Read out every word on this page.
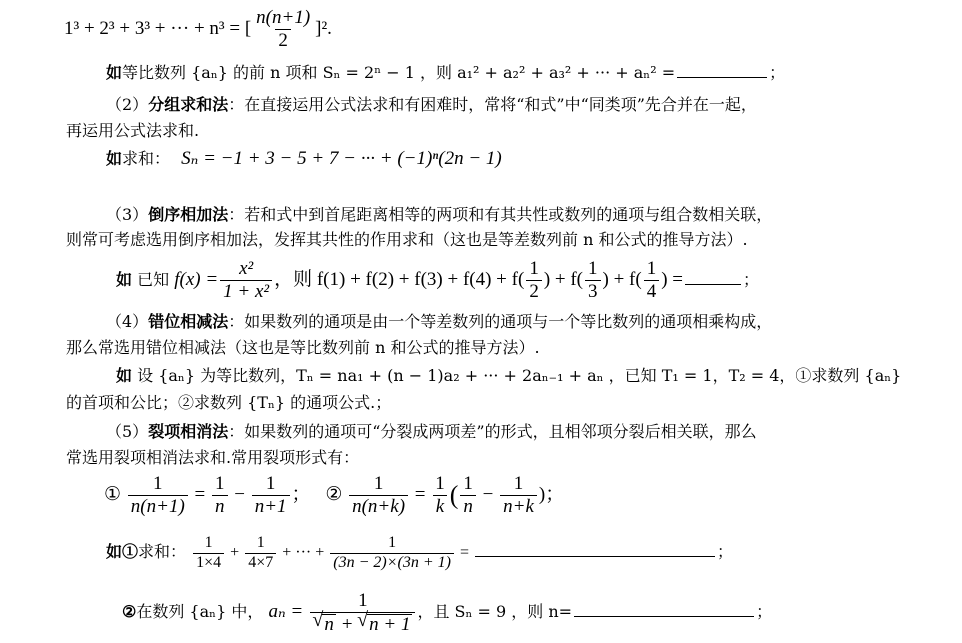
1³ + 2³ + 3³ + ··· + n³ = [ $\frac{n(n+1)}{2} ]^2$.
如等比数列 {aₙ} 的前 n 项和 Sₙ = 2ⁿ − 1 ，则 a₁² + a₂² + a₃² + ··· + aₙ² =	；
（2）分组求和法：在直接运用公式法求和有困难时，常将“和式”中“同类项”先合并在一起，
再运用公式法求和.
如求和： Sₙ = −1 + 3 − 5 + 7 − ··· + (−1)ⁿ(2n − 1)
（3）倒序相加法：若和式中到首尾距离相等的两项和有其共性或数列的通项与组合数相关联，
则常可考虑选用倒序相加法，发挥其共性的作用求和（这也是等差数列前 n 和公式的推导方法）.
如 已知 $f(x) = \frac{\text{x²}}{\text{1 + x²}}$ ，则 $f(1) + f(2) + f(3) + f(4) + f( \frac{1}{2}$ ) + $f( \frac{1}{3}$ ) + $f( \frac{1}{4}$ ) =	；
（4）错位相减法：如果数列的通项是由一个等差数列的通项与一个等比数列的通项相乘构成，
那么常选用错位相减法（这也是等比数列前 n 和公式的推导方法）.
如 设 {aₙ} 为等比数列，Tₙ = na₁ + (n − 1)a₂ + ··· + 2aₙ₋₁ + aₙ ，已知 T₁ = 1，T₂ = 4，①求数列 {aₙ}
的首项和公比；②求数列 {Tₙ} 的通项公式.；
（5）裂项相消法：如果数列的通项可“分裂成两项差”的形式，且相邻项分裂后相关联，那么
常选用裂项相消法求和.常用裂项形式有：
① $\frac{1}{n(n+1)} = \frac{1}{n} - \frac{1}{n+1}$ ； ② $\frac{1}{n(n+k)} = \frac{1}{k}$ ( $\frac{1}{n} - \frac{1}{n+k}$ )；
如①求和： $\frac{1}{1\times 4} + \frac{1}{4\times 7}$ + ··· + $\frac{1}{(3n - 2)\times(3n + 1)}$ =	；
②在数列 {aₙ} 中， aₙ = 1
√ n + √ n + 1 ，且 Sₙ = 9 ，则 n=	；
